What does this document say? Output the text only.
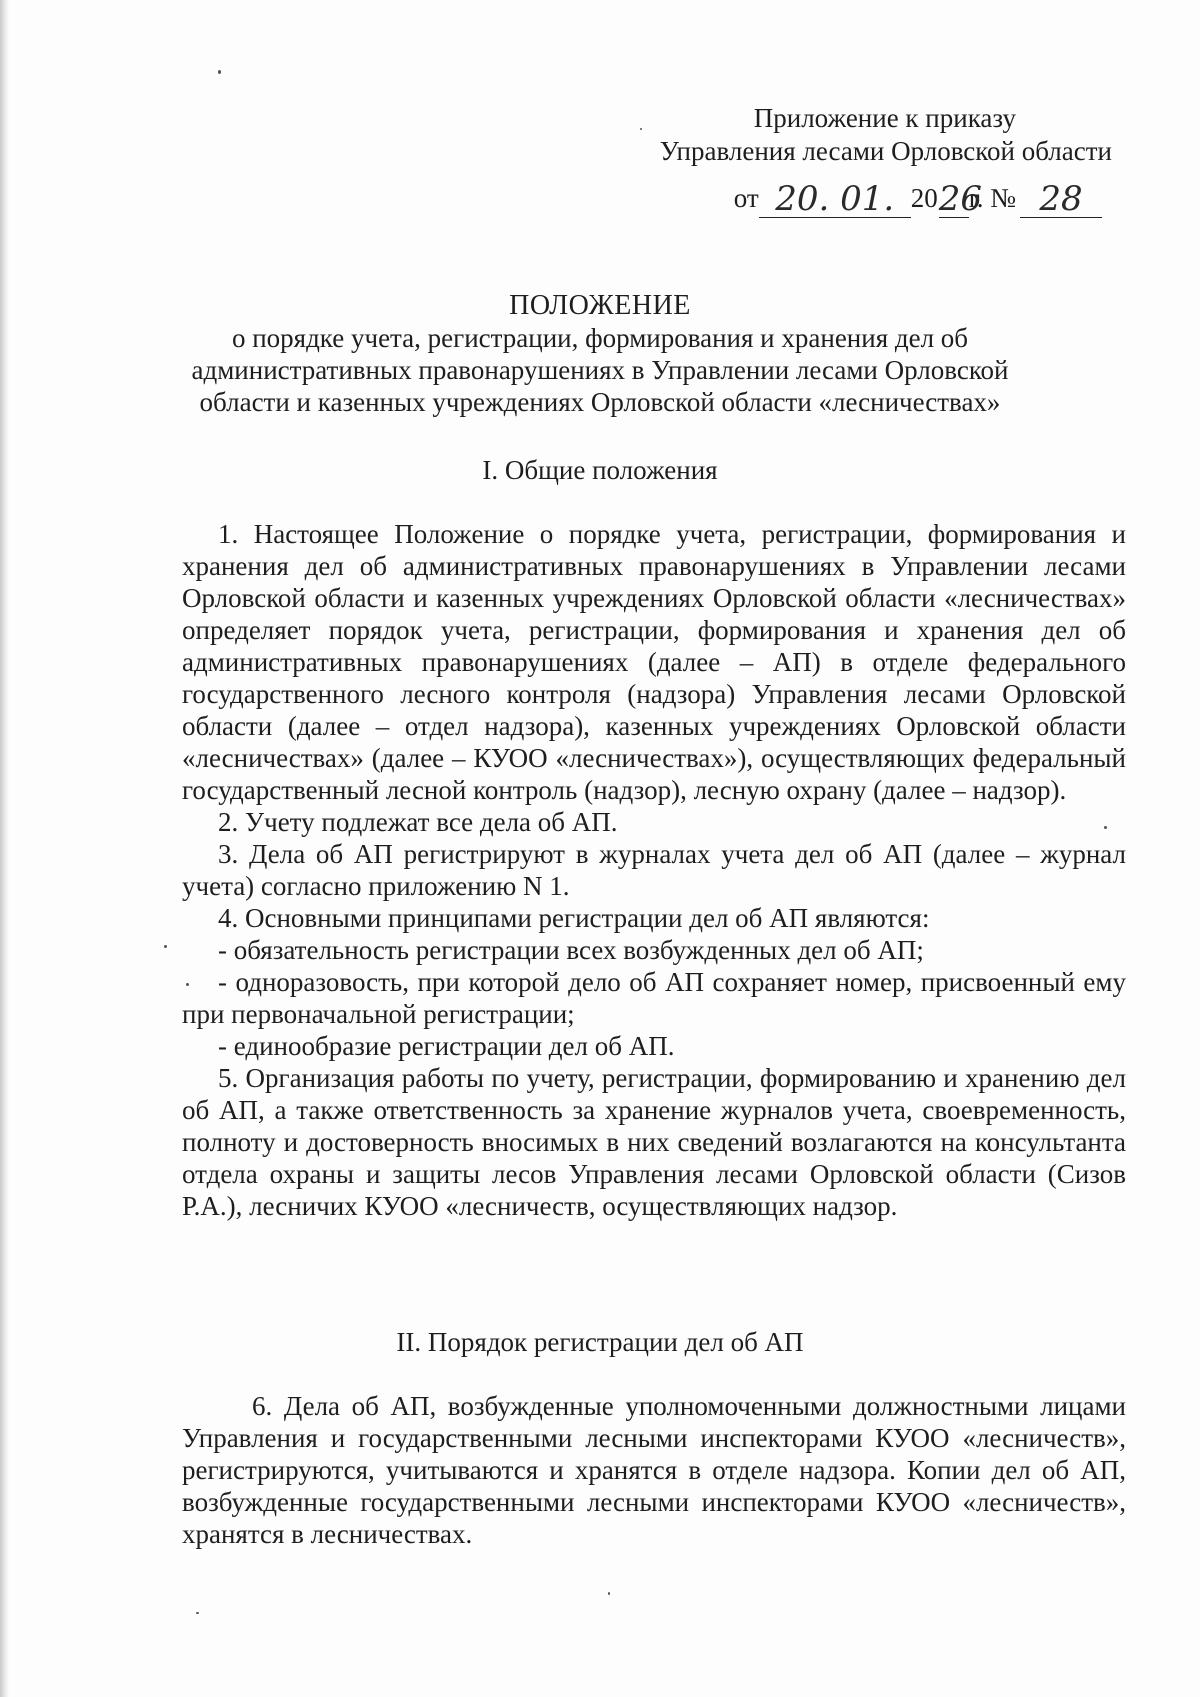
Приложение к приказу
Управления лесами Орловской области
от 20. 01. 2026г. № 28
ПОЛОЖЕНИЕ
о порядке учета, регистрации, формирования и хранения дел об
административных правонарушениях в Управлении лесами Орловской
области и казенных учреждениях Орловской области «лесничествах»
I. Общие положения

1. Настоящее Положение о порядке учета, регистрации, формирования и хранения дел об административных правонарушениях в Управлении лесами Орловской области и казенных учреждениях Орловской области «лесничествах» определяет порядок учета, регистрации, формирования и хранения дел об административных правонарушениях (далее – АП) в отделе федерального государственного лесного контроля (надзора) Управления лесами Орловской области (далее – отдел надзора), казенных учреждениях Орловской области «лесничествах» (далее – КУОО «лесничествах»), осуществляющих федеральный государственный лесной контроль (надзор), лесную охрану (далее – надзор).

2. Учету подлежат все дела об АП.

3. Дела об АП регистрируют в журналах учета дел об АП (далее – журнал учета) согласно приложению N 1.

4. Основными принципами регистрации дел об АП являются:

- обязательность регистрации всех возбужденных дел об АП;

- одноразовость, при которой дело об АП сохраняет номер, присвоенный ему при первоначальной регистрации;

- единообразие регистрации дел об АП.

5. Организация работы по учету, регистрации, формированию и хранению дел об АП, а также ответственность за хранение журналов учета, своевременность, полноту и достоверность вносимых в них сведений возлагаются на консультанта отдела охраны и защиты лесов Управления лесами Орловской области (Сизов Р.А.), лесничих КУОО «лесничеств, осуществляющих надзор.

II. Порядок регистрации дел об АП

6. Дела об АП, возбужденные уполномоченными должностными лицами Управления и государственными лесными инспекторами КУОО «лесничеств», регистрируются, учитываются и хранятся в отделе надзора. Копии дел об АП, возбужденные государственными лесными инспекторами КУОО «лесничеств», хранятся в лесничествах.
